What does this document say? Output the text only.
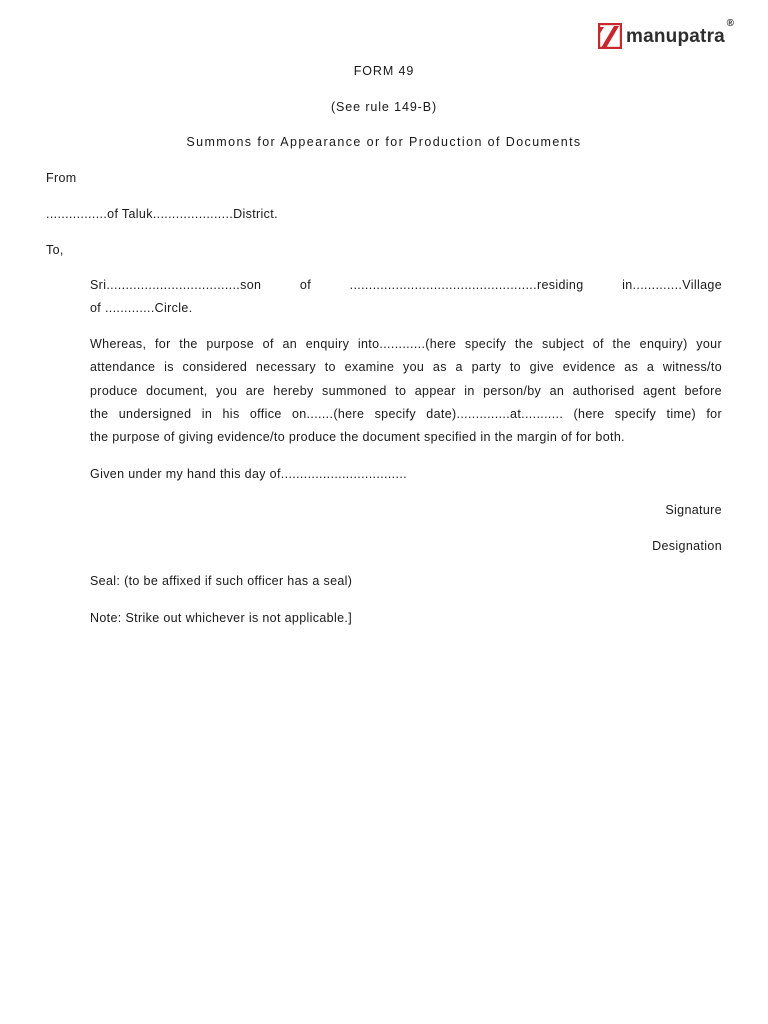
manupatra
®
FORM 49
(See rule 149-B)
Summons for Appearance or for Production of Documents
From
................of Taluk.....................District.
To,
Sri...................................son of .................................................residing in.............Village
of .............Circle.
Whereas, for the purpose of an enquiry into............(here specify the subject of the enquiry) your
attendance is considered necessary to examine you as a party to give evidence as a witness/to
produce document, you are hereby summoned to appear in person/by an authorised agent before
the undersigned in his office on.......(here specify date)..............at........... (here specify time) for
the purpose of giving evidence/to produce the document specified in the margin of for both.
Given under my hand this day of.................................
Signature
Designation
Seal: (to be affixed if such officer has a seal)
Note: Strike out whichever is not applicable.]
